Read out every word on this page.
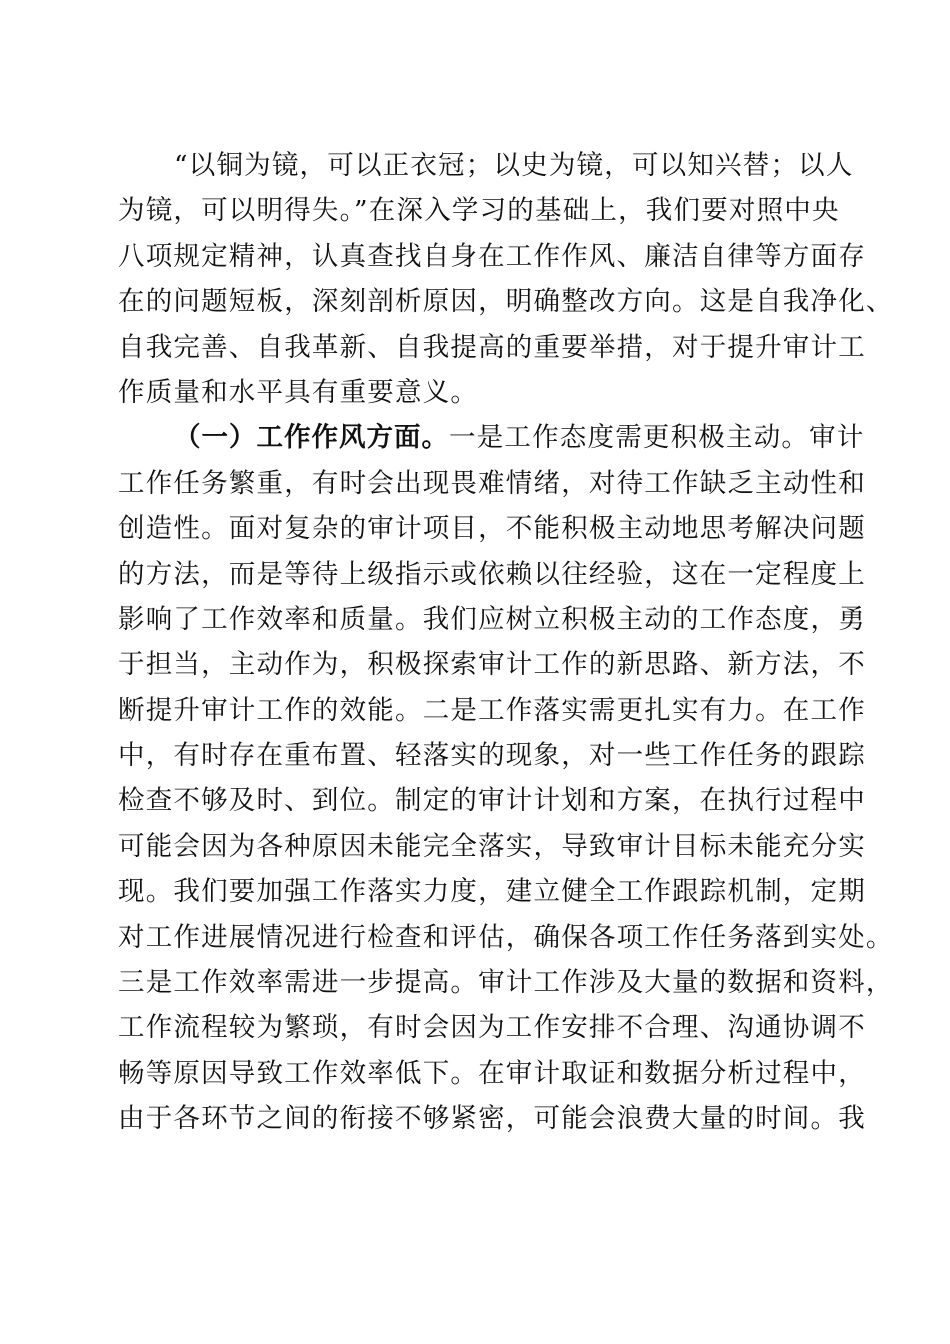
“以铜为镜，可以正衣冠；以史为镜，可以知兴替；以人
为镜，可以明得失。”在深入学习的基础上，我们要对照中央
八项规定精神，认真查找自身在工作作风、廉洁自律等方面存
在的问题短板，深刻剖析原因，明确整改方向。这是自我净化、
自我完善、自我革新、自我提高的重要举措，对于提升审计工
作质量和水平具有重要意义。
（一）工作作风方面。一是工作态度需更积极主动。审计
工作任务繁重，有时会出现畏难情绪，对待工作缺乏主动性和
创造性。面对复杂的审计项目，不能积极主动地思考解决问题
的方法，而是等待上级指示或依赖以往经验，这在一定程度上
影响了工作效率和质量。我们应树立积极主动的工作态度，勇
于担当，主动作为，积极探索审计工作的新思路、新方法，不
断提升审计工作的效能。二是工作落实需更扎实有力。在工作
中，有时存在重布置、轻落实的现象，对一些工作任务的跟踪
检查不够及时、到位。制定的审计计划和方案，在执行过程中
可能会因为各种原因未能完全落实，导致审计目标未能充分实
现。我们要加强工作落实力度，建立健全工作跟踪机制，定期
对工作进展情况进行检查和评估，确保各项工作任务落到实处。
三是工作效率需进一步提高。审计工作涉及大量的数据和资料，
工作流程较为繁琐，有时会因为工作安排不合理、沟通协调不
畅等原因导致工作效率低下。在审计取证和数据分析过程中，
由于各环节之间的衔接不够紧密，可能会浪费大量的时间。我
